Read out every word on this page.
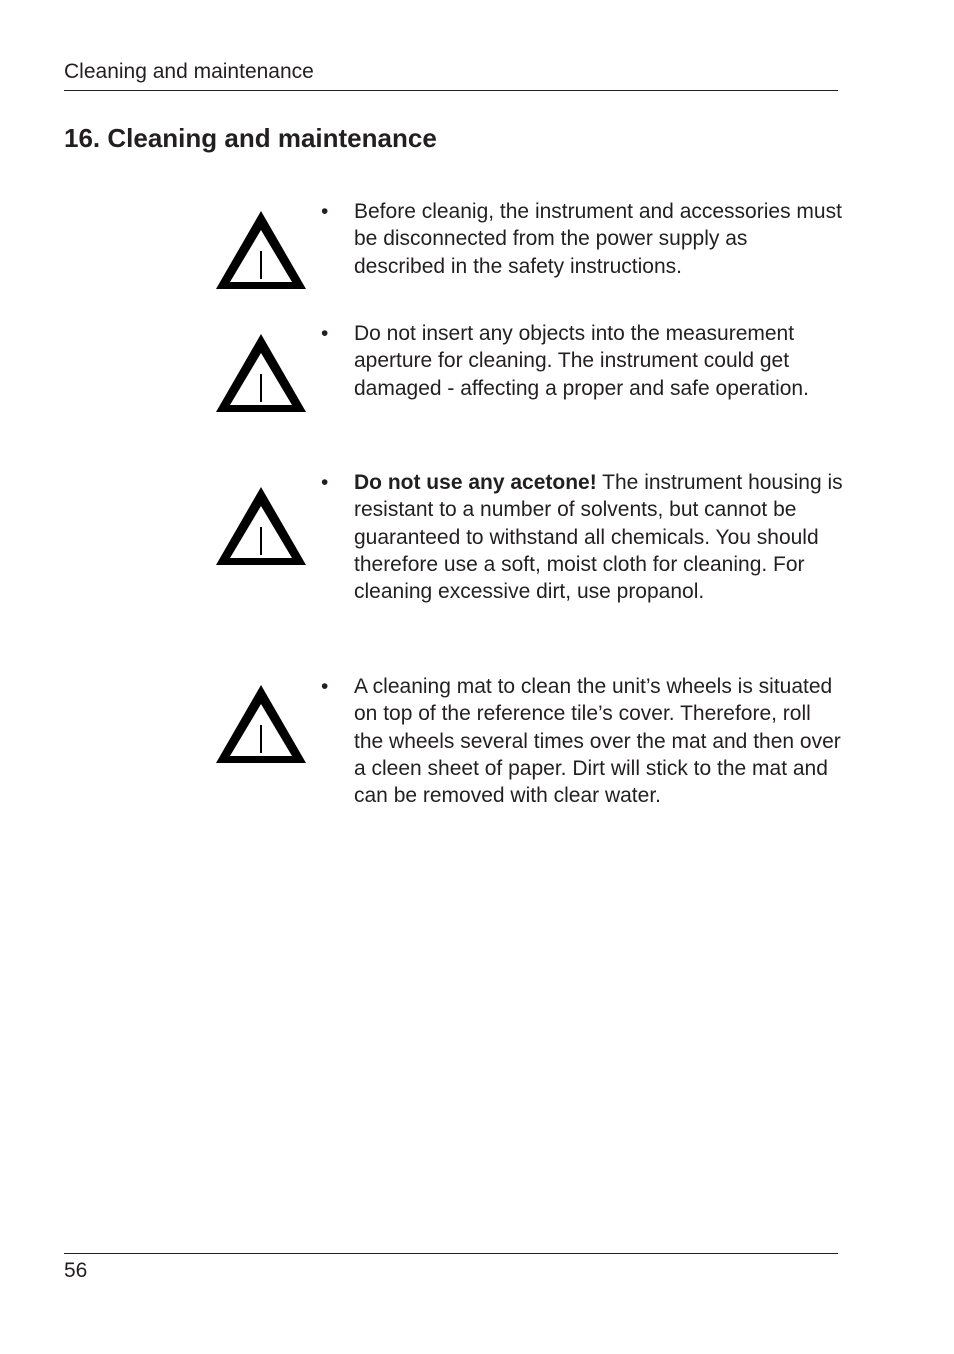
Cleaning and maintenance
16. Cleaning and maintenance
• Before cleanig, the instrument and accessories must be disconnected from the power supply as described in the safety instructions.

• Do not insert any objects into the measurement aperture for cleaning. The instrument could get damaged - affecting a proper and safe operation.

• Do not use any acetone! The instrument housing is resistant to a number of solvents, but cannot be guaranteed to withstand all chemicals. You should therefore use a soft, moist cloth for cleaning. For cleaning excessive dirt, use propanol.

• A cleaning mat to clean the unit’s wheels is situated on top of the reference tile’s cover. Therefore, roll the wheels several times over the mat and then over a cleen sheet of paper. Dirt will stick to the mat and can be removed with clear water.

56
